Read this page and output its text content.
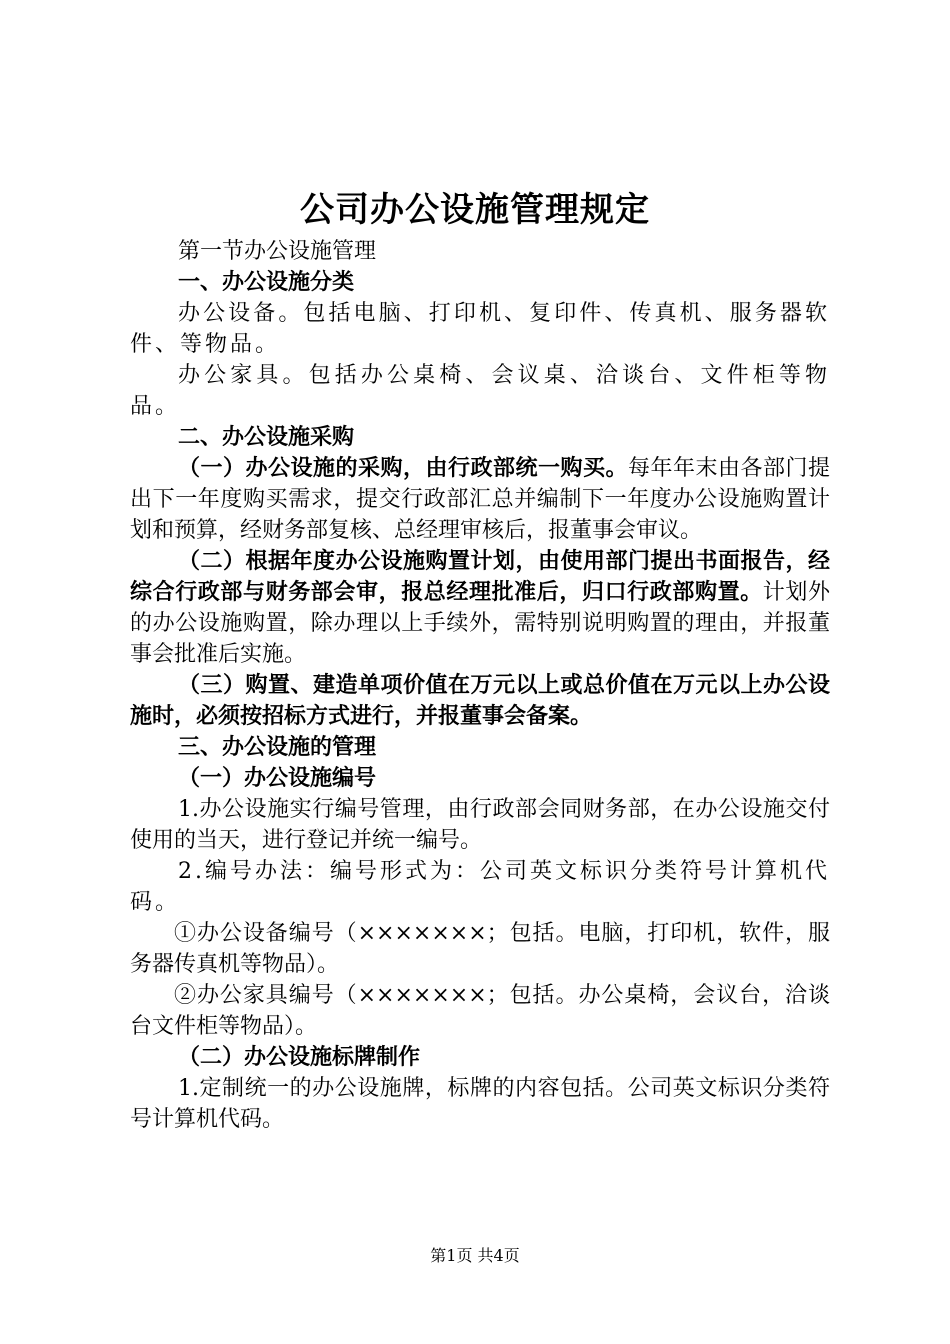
公司办公设施管理规定

第一节办公设施管理

一、办公设施分类

办公设备。包括电脑、打印机、复印件、传真机、服务器软件、等物品。

办公家具。包括办公桌椅、会议桌、洽谈台、文件柜等物品。

二、办公设施采购

（一）办公设施的采购，由行政部统一购买。每年年末由各部门提出下一年度购买需求，提交行政部汇总并编制下一年度办公设施购置计划和预算，经财务部复核、总经理审核后，报董事会审议。

（二）根据年度办公设施购置计划，由使用部门提出书面报告，经综合行政部与财务部会审，报总经理批准后，归口行政部购置。计划外的办公设施购置，除办理以上手续外，需特别说明购置的理由，并报董事会批准后实施。

（三）购置、建造单项价值在万元以上或总价值在万元以上办公设施时，必须按招标方式进行，并报董事会备案。

三、办公设施的管理

（一）办公设施编号

1.办公设施实行编号管理，由行政部会同财务部，在办公设施交付使用的当天，进行登记并统一编号。

2.编号办法：编号形式为：公司英文标识分类符号计算机代码。

①办公设备编号（×××××××；包括。电脑，打印机，软件，服务器传真机等物品）。

②办公家具编号（×××××××；包括。办公桌椅，会议台，洽谈台文件柜等物品）。

（二）办公设施标牌制作

1.定制统一的办公设施牌，标牌的内容包括。公司英文标识分类符号计算机代码。

第1页 共4页
